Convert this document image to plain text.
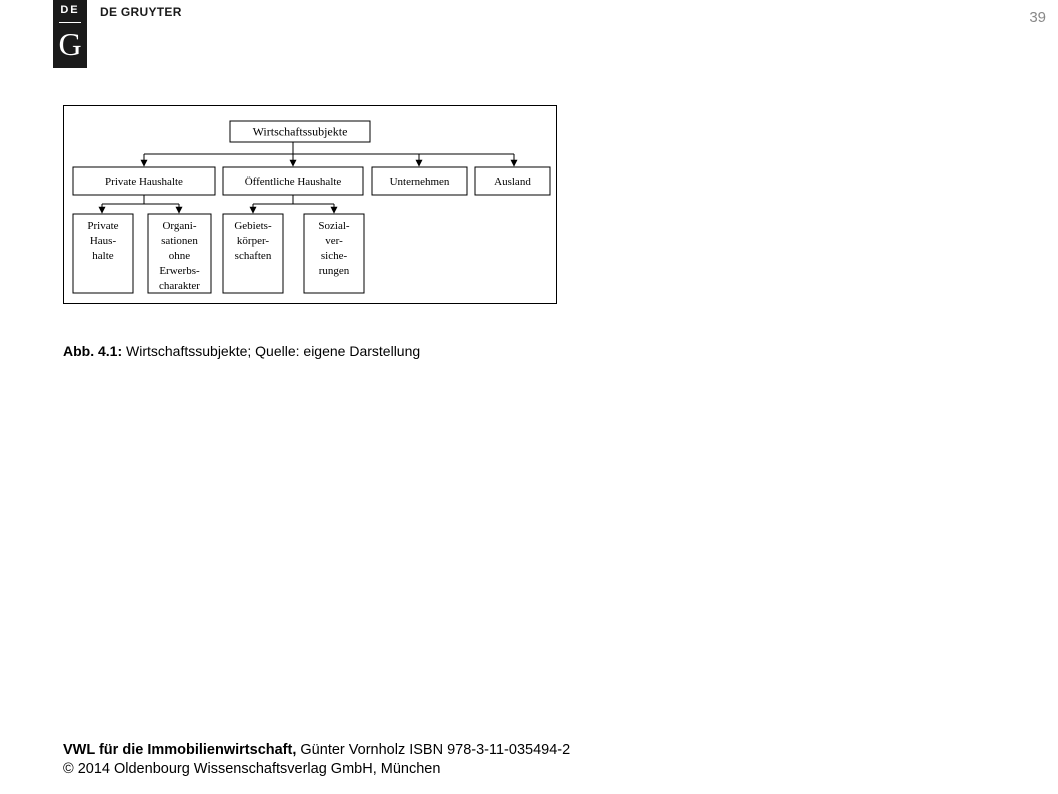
DE
G
DE GRUYTER	39
Wirtschaftssubjekte
Private Haushalte	Öffentliche Haushalte	Unternehmen	Ausland
Private
Haus-
halte
Organi-
sationen
ohne
Erwerbs-
charakter
Gebiets-
körper-
schaften
Sozial-
ver-
siche-
rungen
Abb. 4.1: Wirtschaftssubjekte; Quelle: eigene Darstellung
VWL für die Immobilienwirtschaft, Günter Vornholz ISBN 978-3-11-035494-2
© 2014 Oldenbourg Wissenschaftsverlag GmbH, München
